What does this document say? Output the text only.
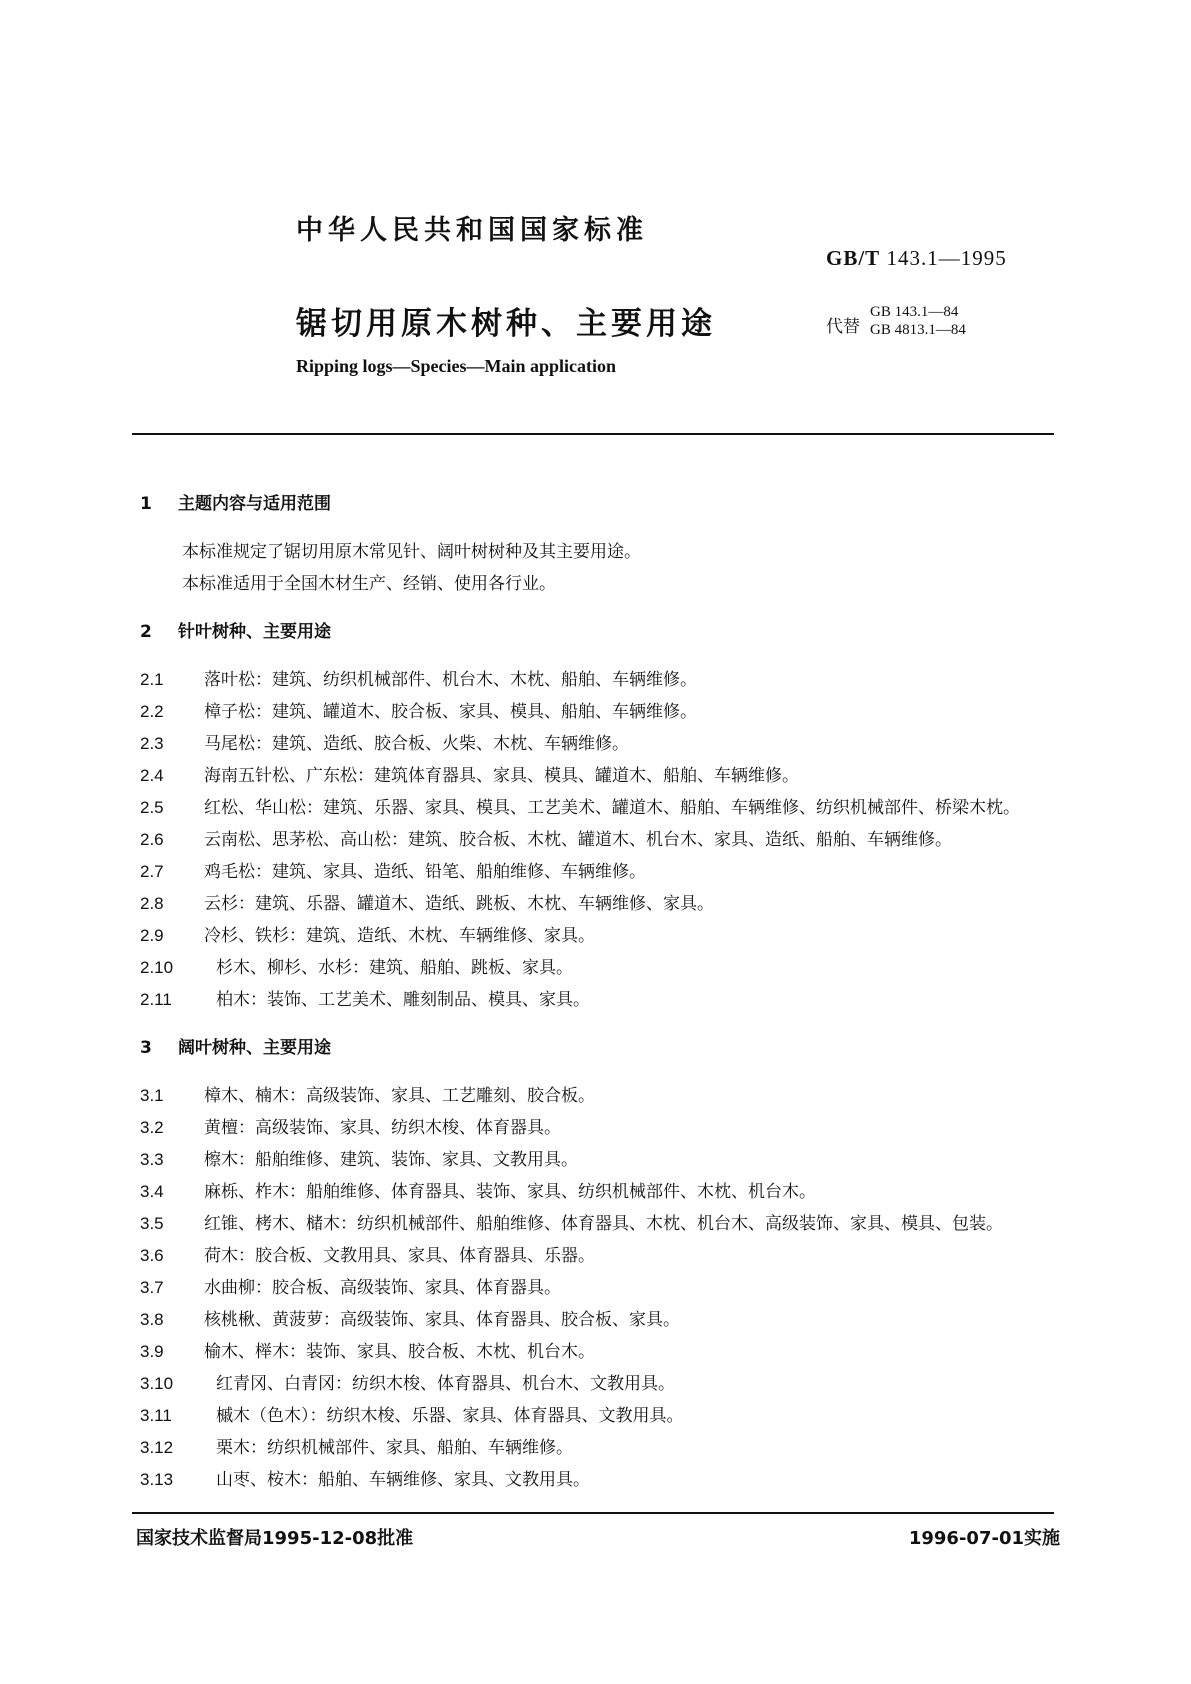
中华人民共和国国家标准
GB/T 143.1—1995
锯切用原木树种、主要用途	代替
GB 143.1—84
GB 4813.1—84
Ripping logs—Species—Main application
1 主题内容与适用范围
本标准规定了锯切用原木常见针、阔叶树树种及其主要用途。
本标准适用于全国木材生产、经销、使用各行业。
2 针叶树种、主要用途
2.1 落叶松：建筑、纺织机械部件、机台木、木枕、船舶、车辆维修。
2.2 樟子松：建筑、罐道木、胶合板、家具、模具、船舶、车辆维修。
2.3 马尾松：建筑、造纸、胶合板、火柴、木枕、车辆维修。
2.4 海南五针松、广东松：建筑体育器具、家具、模具、罐道木、船舶、车辆维修。
2.5 红松、华山松：建筑、乐器、家具、模具、工艺美术、罐道木、船舶、车辆维修、纺织机械部件、桥梁木枕。
2.6 云南松、思茅松、高山松：建筑、胶合板、木枕、罐道木、机台木、家具、造纸、船舶、车辆维修。
2.7 鸡毛松：建筑、家具、造纸、铅笔、船舶维修、车辆维修。
2.8 云杉：建筑、乐器、罐道木、造纸、跳板、木枕、车辆维修、家具。
2.9 冷杉、铁杉：建筑、造纸、木枕、车辆维修、家具。
2.10	杉木、柳杉、水杉：建筑、船舶、跳板、家具。
2.11	柏木：装饰、工艺美术、雕刻制品、模具、家具。
3 阔叶树种、主要用途
3.1 樟木、楠木：高级装饰、家具、工艺雕刻、胶合板。
3.2 黄檀：高级装饰、家具、纺织木梭、体育器具。
3.3 檫木：船舶维修、建筑、装饰、家具、文教用具。
3.4 麻栎、柞木：船舶维修、体育器具、装饰、家具、纺织机械部件、木枕、机台木。
3.5 红锥、栲木、槠木：纺织机械部件、船舶维修、体育器具、木枕、机台木、高级装饰、家具、模具、包装。
3.6 荷木：胶合板、文教用具、家具、体育器具、乐器。
3.7 水曲柳：胶合板、高级装饰、家具、体育器具。
3.8 核桃楸、黄菠萝：高级装饰、家具、体育器具、胶合板、家具。
3.9 榆木、榉木：装饰、家具、胶合板、木枕、机台木。
3.10	红青冈、白青冈：纺织木梭、体育器具、机台木、文教用具。
3.11	槭木（色木）：纺织木梭、乐器、家具、体育器具、文教用具。
3.12	栗木：纺织机械部件、家具、船舶、车辆维修。
3.13	山枣、桉木：船舶、车辆维修、家具、文教用具。
国家技术监督局1995-12-08批准	1996-07-01实施
